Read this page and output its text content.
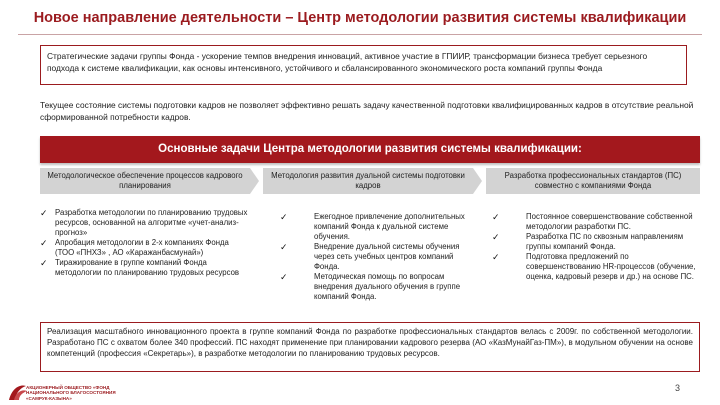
Новое направление деятельности – Центр методологии развития системы квалификации
Стратегические задачи группы Фонда - ускорение темпов внедрения инноваций, активное участие в ГПИИР, трансформации бизнеса требует серьезного подхода к системе квалификации, как основы интенсивного, устойчивого и сбалансированного экономического роста компаний группы Фонда
Текущее состояние системы подготовки кадров не позволяет эффективно решать задачу качественной подготовки квалифицированных кадров в отсутствие реальной сформированной потребности кадров.
Основные задачи Центра методологии развития системы квалификации:
Методологическое обеспечение процессов кадрового планирования
Методология развития дуальной системы подготовки кадров
Разработка профессиональных стандартов (ПС) совместно с компаниями Фонда
✓ Разработка методологии по планированию трудовых ресурсов, основанной на алгоритме «учет-анализ-прогноз»
✓ Апробация методологии в 2-х компаниях Фонда (ТОО «ПНХЗ» , АО «Каражанбасмунай»)
✓ Тиражирование в группе компаний Фонда методологии по планированию трудовых ресурсов
✓	Ежегодное привлечение дополнительных компаний Фонда к дуальной системе обучения.
✓	Внедрение дуальной системы обучения через сеть учебных центров компаний Фонда.
✓	Методическая помощь по вопросам внедрения дуального обучения в группе компаний Фонда.
✓	Постоянное совершенствование собственной методологии разработки ПС.
✓	Разработка ПС по сквозным направлениям группы компаний Фонда.
✓	Подготовка предложений по совершенствованию HR-процессов (обучение, оценка, кадровый резерв и др.) на основе ПС.
Реализация масштабного инновационного проекта в группе компаний Фонда по разработке профессиональных стандартов велась с 2009г. по собственной методологии. Разработано ПС с охватом более 340 профессий. ПС находят применение при планировании кадрового резерва (АО «КазМунайГаз-ПМ»), в модульном обучении на основе компетенций (профессия «Секретарь»), в разработке методологии по планированию трудовых ресурсов.
АКЦИОНЕРНЫЙ ОБЩЕСТВО «ФОНД НАЦИОНАЛЬНОГО БЛАГОСОСТОЯНИЯ «САМРУК-КАЗЫНА»
3
